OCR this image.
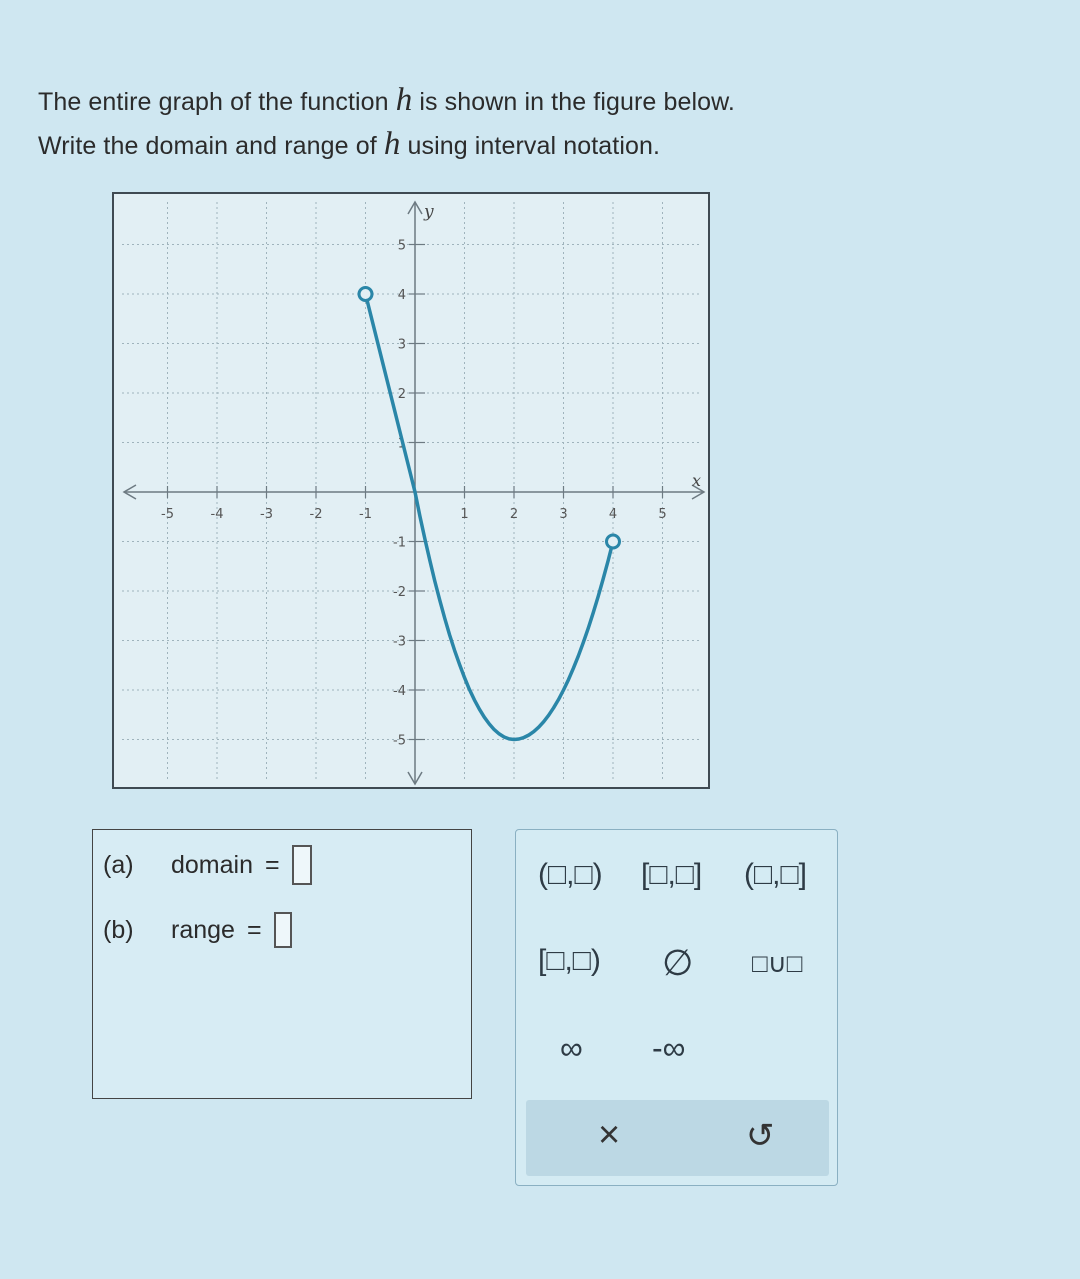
The entire graph of the function h is shown in the figure below.
Write the domain and range of h using interval notation.
-5	-4	-3	-2	-1	1	2	3	4	5
5
4
3
2
1
-1
-2
-3
-4
-5
x
y
(a)	domain =
(b)	range =
(□,□) [□,□] (□,□]
[□,□) ∅ □∪□
∞ -∞
×	↺
